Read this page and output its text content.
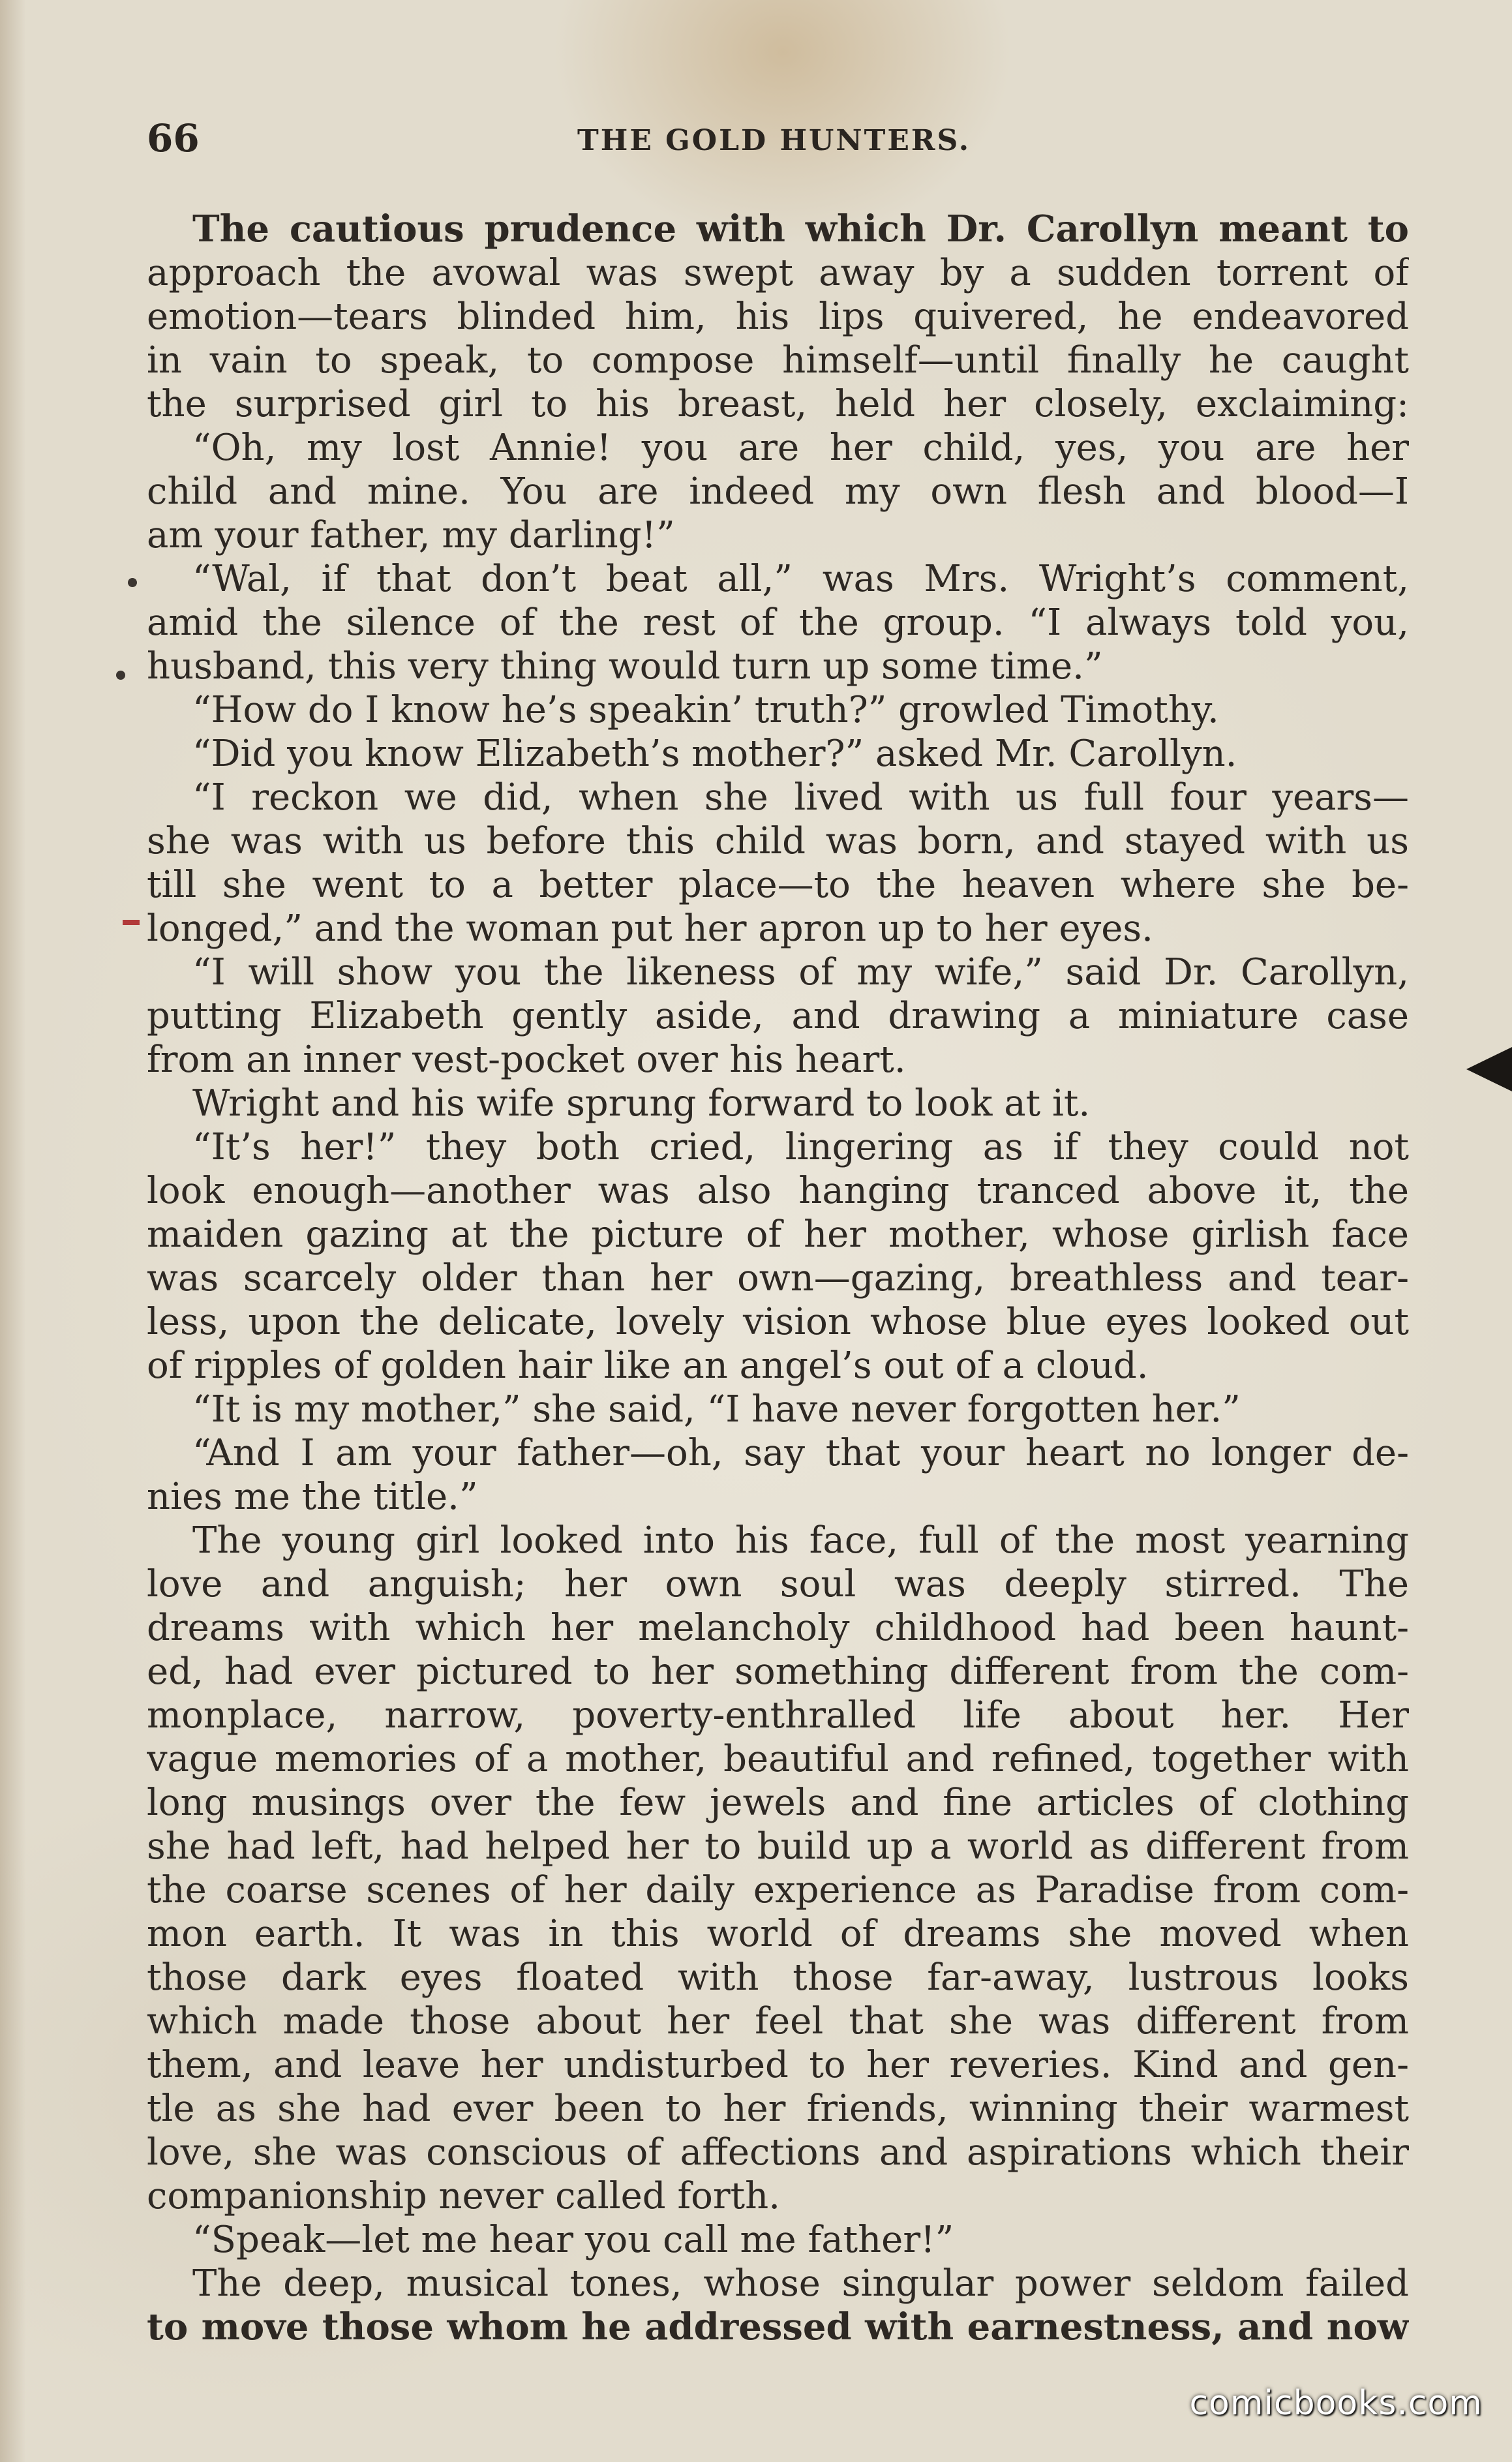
66	THE GOLD HUNTERS.
The cautious prudence with which Dr. Carollyn meant to
approach the avowal was swept away by a sudden torrent of
emotion—tears blinded him, his lips quivered, he endeavored
in vain to speak, to compose himself—until finally he caught
the surprised girl to his breast, held her closely, exclaiming:
“Oh, my lost Annie! you are her child, yes, you are her
child and mine. You are indeed my own flesh and blood—I
am your father, my darling!”
“Wal, if that don’t beat all,” was Mrs. Wright’s comment,
amid the silence of the rest of the group. “I always told you,
husband, this very thing would turn up some time.”
“How do I know he’s speakin’ truth?” growled Timothy.
“Did you know Elizabeth’s mother?” asked Mr. Carollyn.
“I reckon we did, when she lived with us full four years—
she was with us before this child was born, and stayed with us
till she went to a better place—to the heaven where she be-
longed,” and the woman put her apron up to her eyes.
“I will show you the likeness of my wife,” said Dr. Carollyn,
putting Elizabeth gently aside, and drawing a miniature case
from an inner vest-pocket over his heart.
Wright and his wife sprung forward to look at it.
“It’s her!” they both cried, lingering as if they could not
look enough—another was also hanging tranced above it, the
maiden gazing at the picture of her mother, whose girlish face
was scarcely older than her own—gazing, breathless and tear-
less, upon the delicate, lovely vision whose blue eyes looked out
of ripples of golden hair like an angel’s out of a cloud.
“It is my mother,” she said, “I have never forgotten her.”
“And I am your father—oh, say that your heart no longer de-
nies me the title.”
The young girl looked into his face, full of the most yearning
love and anguish; her own soul was deeply stirred. The
dreams with which her melancholy childhood had been haunt-
ed, had ever pictured to her something different from the com-
monplace, narrow, poverty-enthralled life about her. Her
vague memories of a mother, beautiful and refined, together with
long musings over the few jewels and fine articles of clothing
she had left, had helped her to build up a world as different from
the coarse scenes of her daily experience as Paradise from com-
mon earth. It was in this world of dreams she moved when
those dark eyes floated with those far-away, lustrous looks
which made those about her feel that she was different from
them, and leave her undisturbed to her reveries. Kind and gen-
tle as she had ever been to her friends, winning their warmest
love, she was conscious of affections and aspirations which their
companionship never called forth.
“Speak—let me hear you call me father!”
The deep, musical tones, whose singular power seldom failed
to move those whom he addressed with earnestness, and now
comicbooks.com
